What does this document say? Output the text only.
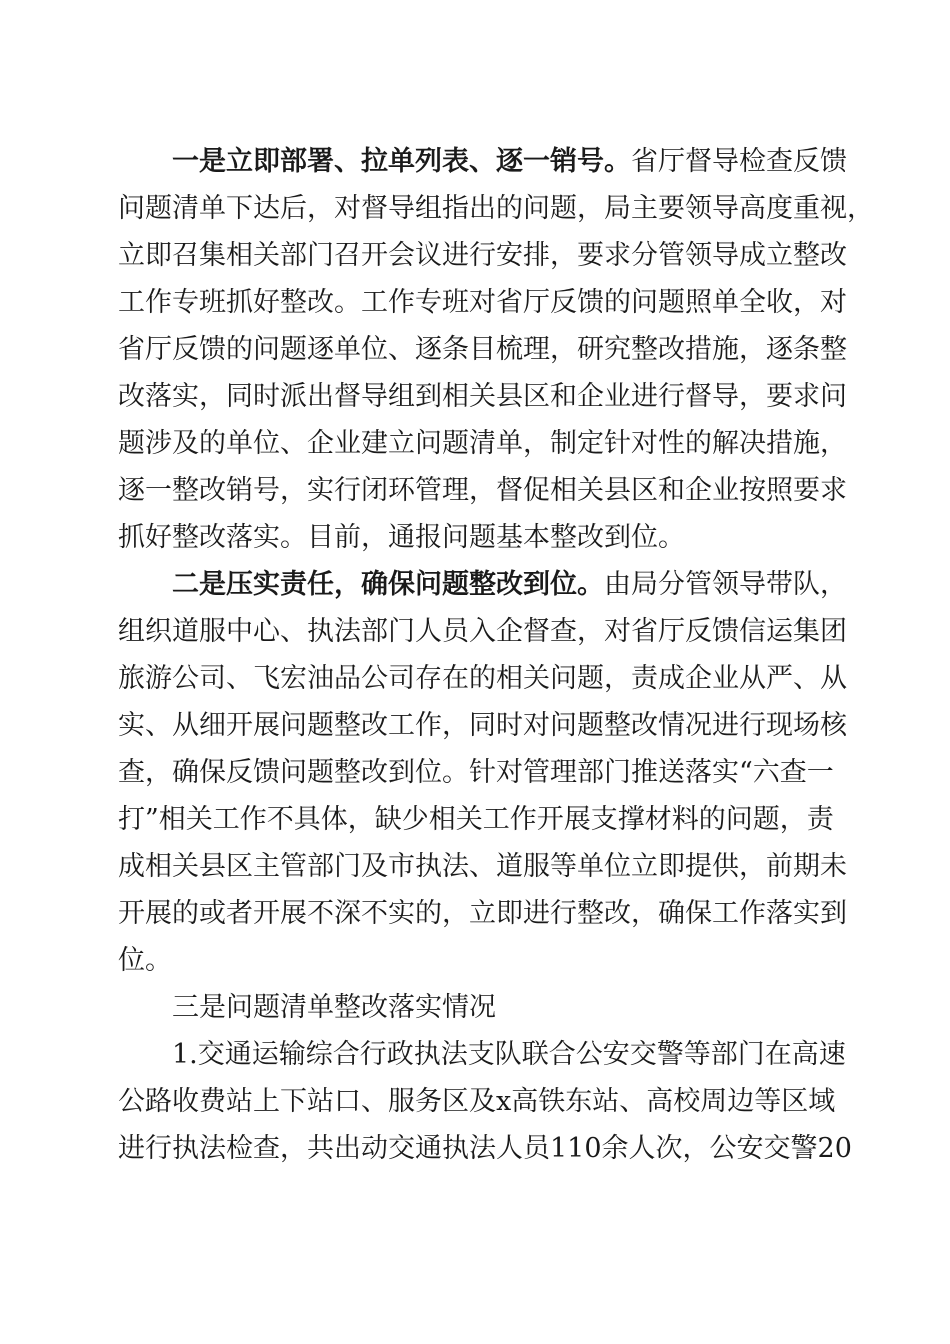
一是立即部署、拉单列表、逐一销号。省厅督导检查反馈
问题清单下达后，对督导组指出的问题，局主要领导高度重视，
立即召集相关部门召开会议进行安排，要求分管领导成立整改
工作专班抓好整改。工作专班对省厅反馈的问题照单全收，对
省厅反馈的问题逐单位、逐条目梳理，研究整改措施，逐条整
改落实，同时派出督导组到相关县区和企业进行督导，要求问
题涉及的单位、企业建立问题清单，制定针对性的解决措施，
逐一整改销号，实行闭环管理，督促相关县区和企业按照要求
抓好整改落实。目前，通报问题基本整改到位。
二是压实责任，确保问题整改到位。由局分管领导带队，
组织道服中心、执法部门人员入企督查，对省厅反馈信运集团
旅游公司、飞宏油品公司存在的相关问题，责成企业从严、从
实、从细开展问题整改工作，同时对问题整改情况进行现场核
查，确保反馈问题整改到位。针对管理部门推送落实“六查一
打”相关工作不具体，缺少相关工作开展支撑材料的问题，责
成相关县区主管部门及市执法、道服等单位立即提供，前期未
开展的或者开展不深不实的，立即进行整改，确保工作落实到
位。
三是问题清单整改落实情况
1.交通运输综合行政执法支队联合公安交警等部门在高速
公路收费站上下站口、服务区及x高铁东站、高校周边等区域
进行执法检查，共出动交通执法人员110余人次，公安交警20
